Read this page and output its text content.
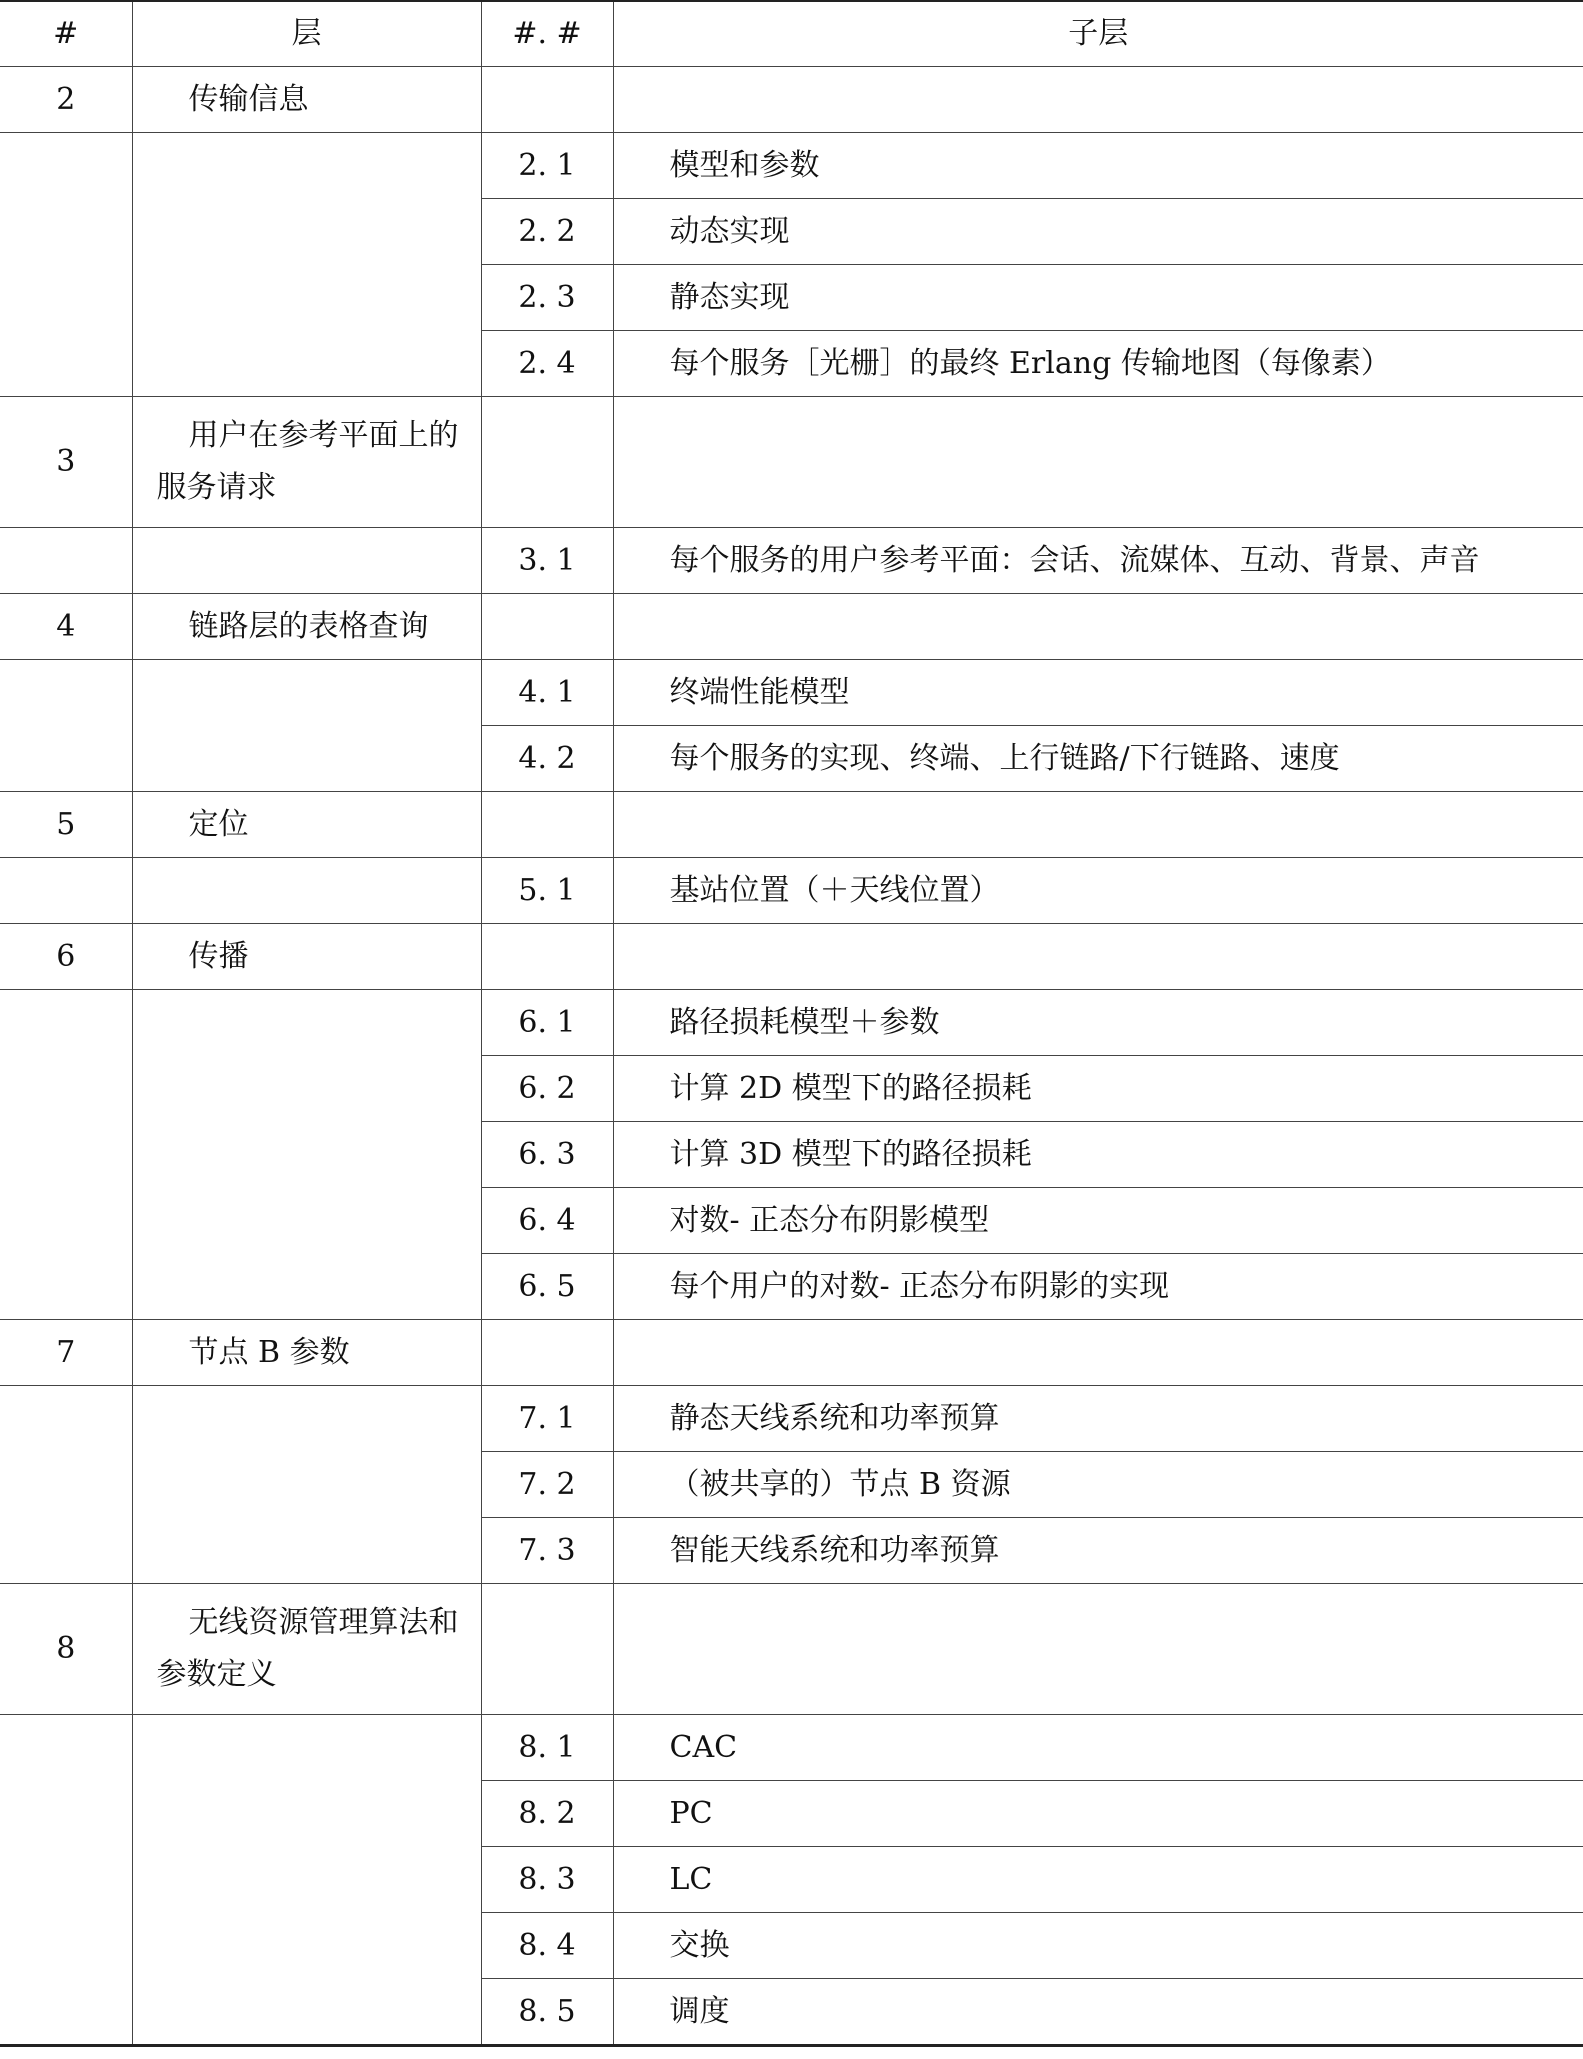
#	层	#. #	子层
2	传输信息		
		2. 1	模型和参数
		2. 2	动态实现
		2. 3	静态实现
		2. 4	每个服务［光栅］的最终 Erlang 传输地图（每像素）
3	用户在参考平面上的服务请求		
		3. 1	每个服务的用户参考平面：会话、流媒体、互动、背景、声音
4	链路层的表格查询		
		4. 1	终端性能模型
		4. 2	每个服务的实现、终端、上行链路/下行链路、速度
5	定位		
		5. 1	基站位置（＋天线位置）
6	传播		
		6. 1	路径损耗模型＋参数
		6. 2	计算 2D 模型下的路径损耗
		6. 3	计算 3D 模型下的路径损耗
		6. 4	对数- 正态分布阴影模型
		6. 5	每个用户的对数- 正态分布阴影的实现
7	节点 B 参数		
		7. 1	静态天线系统和功率预算
		7. 2	（被共享的）节点 B 资源
		7. 3	智能天线系统和功率预算
8	无线资源管理算法和参数定义		
		8. 1	CAC
		8. 2	PC
		8. 3	LC
		8. 4	交换
		8. 5	调度
